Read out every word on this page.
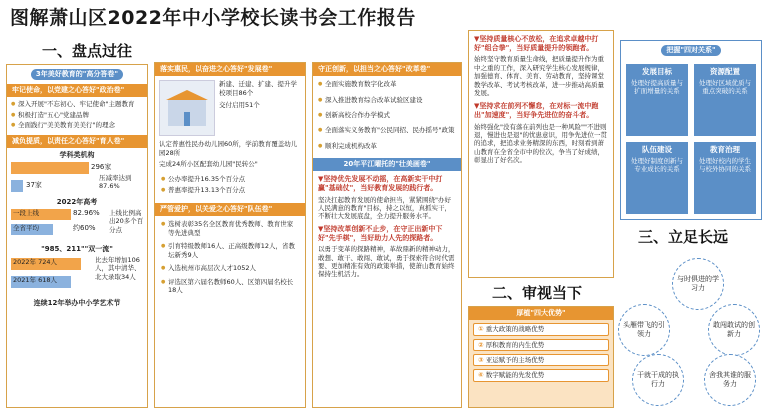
图解萧山区2022年中小学校长读书会工作报告
一、盘点过往
二、审视当下
三、立足长远
3年美好教育的"高分答卷"
牢记使命，以党建之心答好"政治卷"
● 深入开展"不忘初心、牢记使命"主题教育
● 积极打造"五心"党建品牌
● 全面践行"美美教育美美行"的理念
减负提质，以责任之心答好"育人卷"
学科类机构
296家
37家
压减率达到87.6%
2022年高考
一段上线	82.96%
全省平均	约60%
上线比例高出20多个百分点
"985、211""双一流"
2022年 724人
2021年 618人
比去年增加106人，其中清华、北大录取34人
连续12年举办中小学艺术节
落实惠民，以奋进之心答好"发展卷"
新建、迁建、扩建、提升学校项目86个
交付启用51个
认定普惠性民办幼儿园60所，学前教育覆盖幼儿园28所
完成24所小区配套幼儿园"民转公"
● 公办率提升16.35个百分点
● 普惠率提升13.13个百分点
严管爱护，以关爱之心答好"队伍卷"
● 选树表彰35名全区教育优秀教师、教育世家等先进典型
● 引育特级教师16人、正高级教师12人，省教坛新秀9人
● 入选杭州市高层次人才1052人
● 评选区第六届名教师60人、区第四届名校长18人
守正创新，以担当之心答好"改革卷"
● 全面实施教育数字化改革
● 深入推进教育综合改革试验区建设
● 创新高校合作办学模式
● 全面落实义务教育"公民同招、民办摇号"政策
● 顺利完成机构改革
20年平江曜托的"壮美画卷"
▼坚持优先发展不动摇，在高新实干中打赢"基础仗"，当好教育发展的践行者。
坚决扛起教育发展的使命担当，紧紧围绕"办好人民满意的教育"目标，持之以恒，真抓实干，不断壮大发展底盘，全力提升服务水平。
▼坚持改革创新不止步，在守正出新中下好"先手棋"，当好助力人先的探路者。
以勇于变革的探路精神，革故鼎新的精神动力，敢想、敢干、敢闯、敢试，勇于探索符合时代需要、更加精准有效的政策举措，使萧山教育始终保持生机活力。
▼坚持质量核心不放松，在追求卓越中打好"组合拳"，当好质量提升的领跑者。
始终坚守教育质量生命线，把质量提升作为重中之重的工作，深入研究学生核心发展规律，加强德育、体育、美育、劳动教育，坚持课堂教学改革、考试考核改革，进一步推动高质量发展。
▼坚持求在前列不懈怠，在对标一流中跑出"加速度"，当好争先进位的奋斗者。
始终强化"没有落在前列也是一种风险""不进则退，慢进也是退"的忧患意识，用争先进位一贯的追求，把追求业务精深的东西，时刻看到萧山教育在全省全市中的位次，争当了好成绩，彰显出了好名次。
厚植"四大优势"
① 重大政策的战略优势
② 厚积教育的内生优势
③ 亚运赋予的主场优势
④ 数字赋能的先发优势
把握"四对关系"
发展目标
处理好提高质量与扩面增量的关系
资源配置
处理好区域优质与重点突破的关系
队伍建设
处理好制度创新与专业成长的关系
教育治理
处理好校内的学生与校外协同的关系
与时俱进的学习力
头雁带飞的引领力
敢闯敢试的创新力
干就干成的执行力
舍我其谁的服务力
